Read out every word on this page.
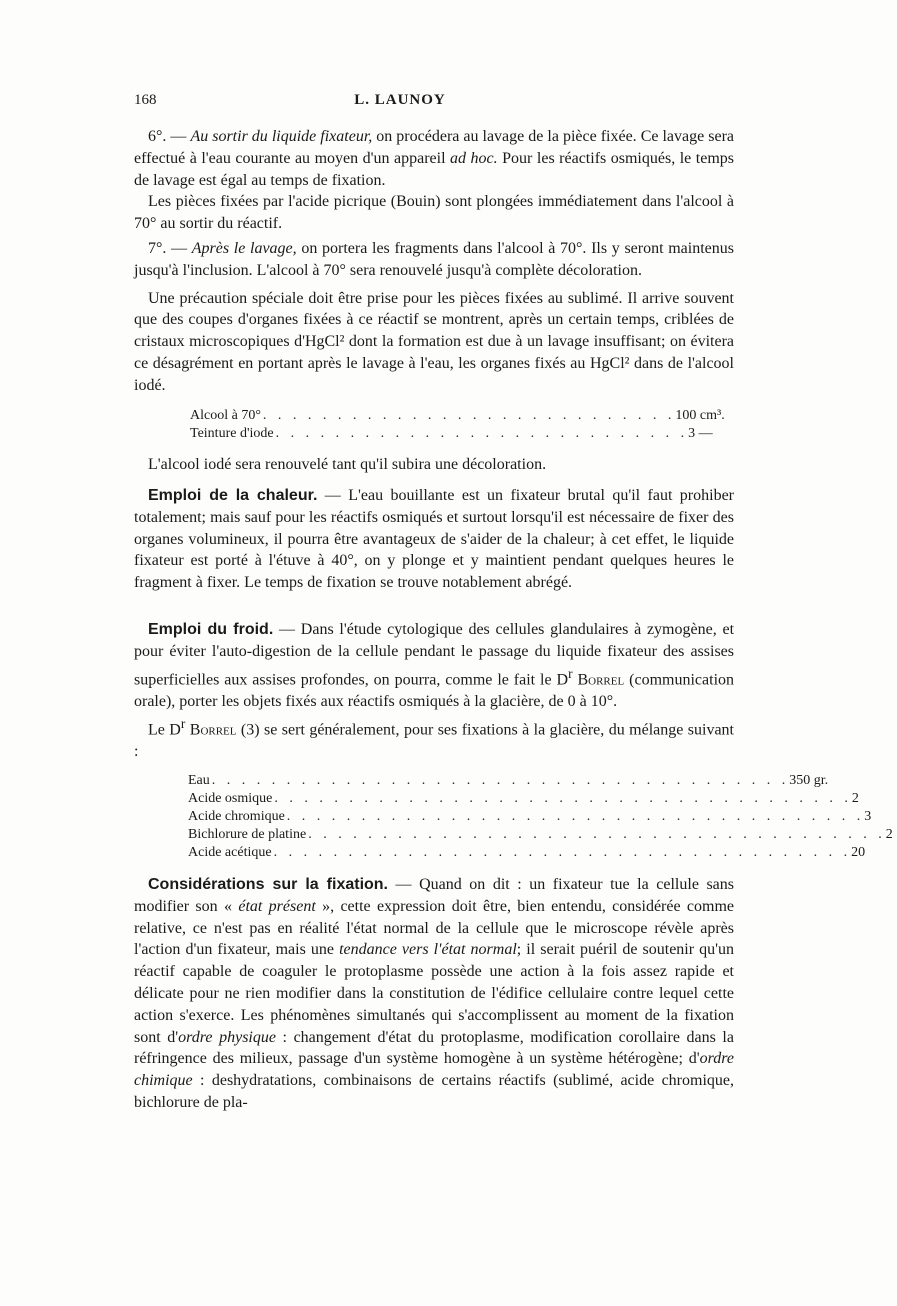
168	L. LAUNOY

6°. — Au sortir du liquide fixateur, on procédera au lavage de la pièce fixée. Ce lavage sera effectué à l'eau courante au moyen d'un appareil ad hoc. Pour les réactifs osmiqués, le temps de lavage est égal au temps de fixation.

Les pièces fixées par l'acide picrique (Bouin) sont plongées immédiatement dans l'alcool à 70° au sortir du réactif.

7°. — Après le lavage, on portera les fragments dans l'alcool à 70°. Ils y seront maintenus jusqu'à l'inclusion. L'alcool à 70° sera renouvelé jusqu'à complète décoloration.

Une précaution spéciale doit être prise pour les pièces fixées au sublimé. Il arrive souvent que des coupes d'organes fixées à ce réactif se montrent, après un certain temps, criblées de cristaux microscopiques d'HgCl² dont la formation est due à un lavage insuffisant; on évitera ce désagrément en portant après le lavage à l'eau, les organes fixés au HgCl² dans de l'alcool iodé.

Alcool à 70° . . . . . . . . . . . . . . . . . . . . . . . . . . . . 100 cm³.
Teinture d'iode . . . . . . . . . . . . . . . . . . . . . . . . . . . . 3 —

L'alcool iodé sera renouvelé tant qu'il subira une décoloration.

Emploi de la chaleur. — L'eau bouillante est un fixateur brutal qu'il faut prohiber totalement; mais sauf pour les réactifs osmiqués et surtout lorsqu'il est nécessaire de fixer des organes volumineux, il pourra être avantageux de s'aider de la chaleur; à cet effet, le liquide fixateur est porté à l'étuve à 40°, on y plonge et y maintient pendant quelques heures le fragment à fixer. Le temps de fixation se trouve notablement abrégé.

Emploi du froid. — Dans l'étude cytologique des cellules glandulaires à zymogène, et pour éviter l'auto-digestion de la cellule pendant le passage du liquide fixateur des assises superficielles aux assises profondes, on pourra, comme le fait le $D^r$ Borrel (communication orale), porter les objets fixés aux réactifs osmiqués à la glacière, de 0 à 10°.

Le $D^r$ Borrel (3) se sert généralement, pour ses fixations à la glacière, du mélange suivant :

Eau . . . . . . . . . . . . . . . . . . . . . . . . . . . . . . . . . . . . . . . 350 gr.
Acide osmique . . . . . . . . . . . . . . . . . . . . . . . . . . . . . . . . . . . . . . . 2
Acide chromique . . . . . . . . . . . . . . . . . . . . . . . . . . . . . . . . . . . . . . . 3
Bichlorure de platine . . . . . . . . . . . . . . . . . . . . . . . . . . . . . . . . . . . . . . . 2
Acide acétique . . . . . . . . . . . . . . . . . . . . . . . . . . . . . . . . . . . . . . . 20

Considérations sur la fixation. — Quand on dit : un fixateur tue la cellule sans modifier son « état présent », cette expression doit être, bien entendu, considérée comme relative, ce n'est pas en réalité l'état normal de la cellule que le microscope révèle après l'action d'un fixateur, mais une tendance vers l'état normal; il serait puéril de soutenir qu'un réactif capable de coaguler le protoplasme possède une action à la fois assez rapide et délicate pour ne rien modifier dans la constitution de l'édifice cellulaire contre lequel cette action s'exerce. Les phénomènes simultanés qui s'accomplissent au moment de la fixation sont d'ordre physique : changement d'état du protoplasme, modification corollaire dans la réfringence des milieux, passage d'un système homogène à un système hétérogène; d'ordre chimique : deshydratations, combinaisons de certains réactifs (sublimé, acide chromique, bichlorure de pla-
